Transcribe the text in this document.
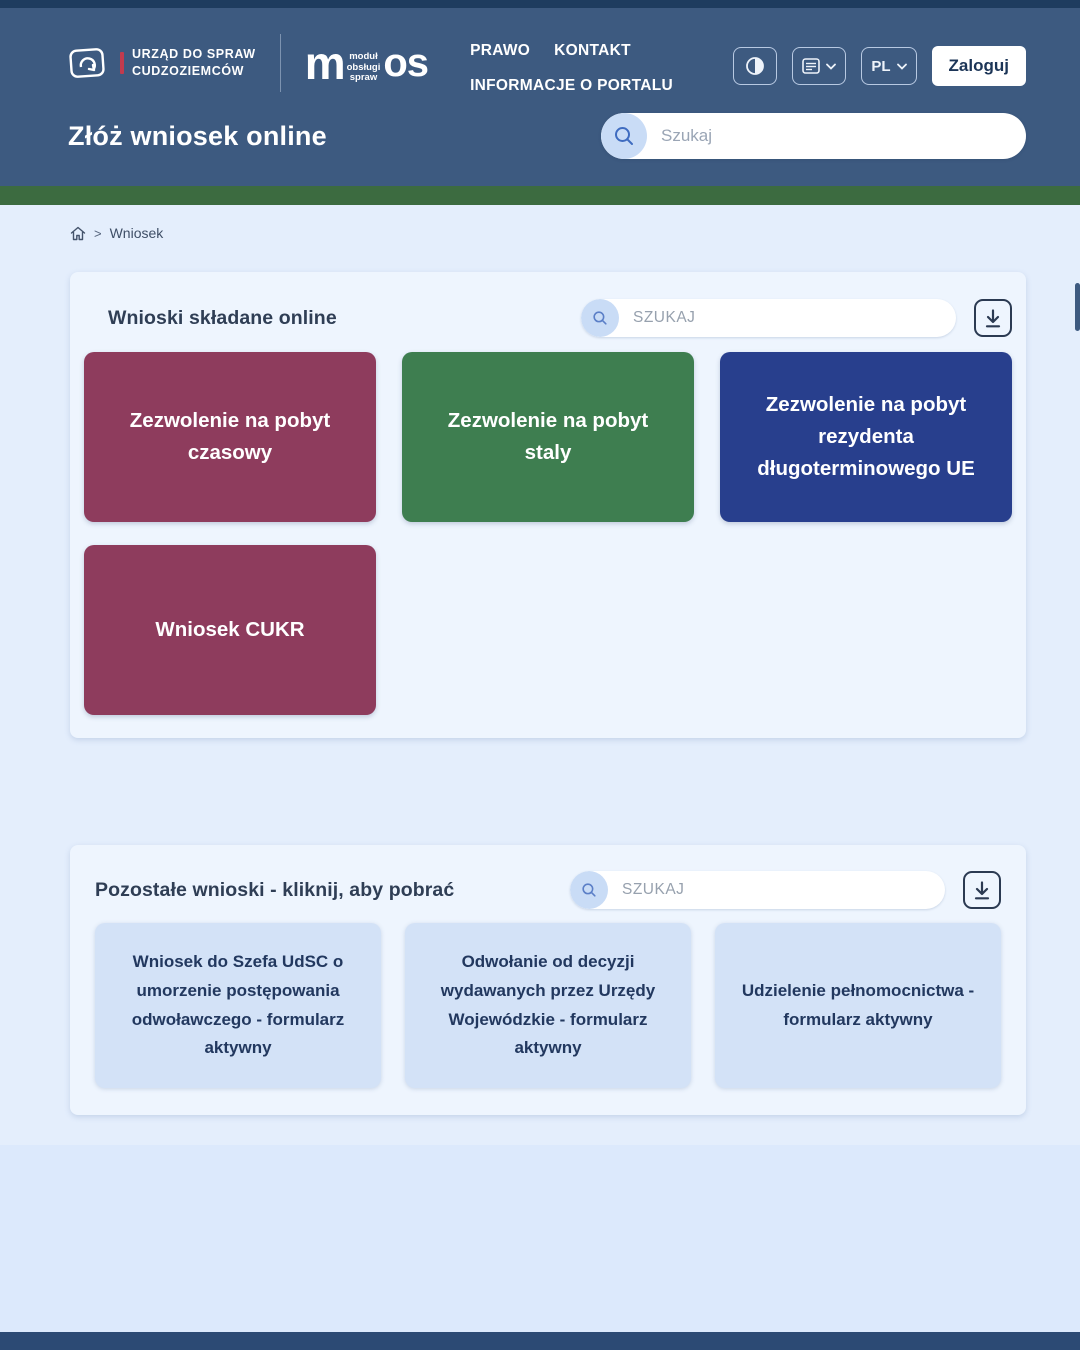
URZĄD DO SPRAW
CUDZOZIEMCÓW m moduł
obsługi
spraw os	PRAWO KONTAKT
INFORMACJE O PORTALU
PL	Zaloguj
Złóż wniosek online
Szukaj
> Wniosek
Wnioski składane online
SZUKAJ
Zezwolenie na pobyt czasowy
Zezwolenie na pobyt staly
Zezwolenie na pobyt rezydenta długoterminowego UE
Wniosek CUKR
Pozostałe wnioski - kliknij, aby pobrać
SZUKAJ
Wniosek do Szefa UdSC o umorzenie postępowania odwoławczego - formularz aktywny
Odwołanie od decyzji wydawanych przez Urzędy Wojewódzkie - formularz aktywny
Udzielenie pełnomocnictwa - formularz aktywny
